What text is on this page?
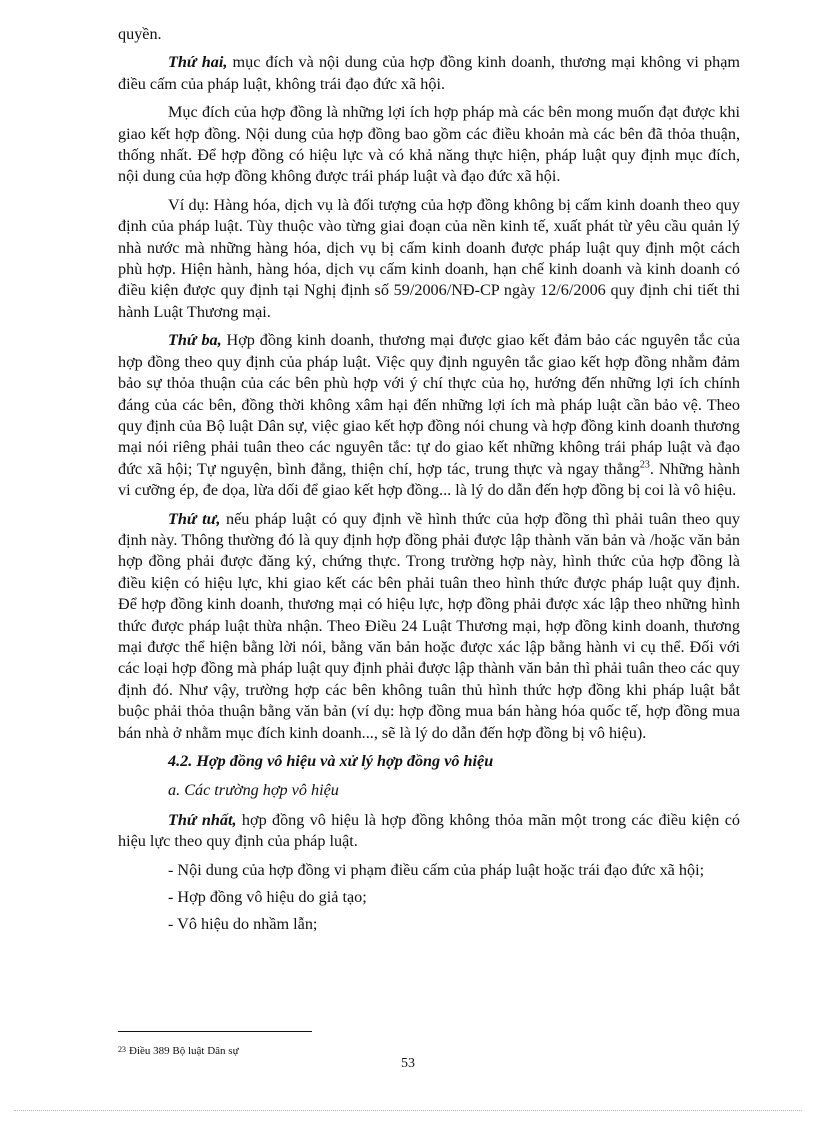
quyền.

Thứ hai, mục đích và nội dung của hợp đồng kinh doanh, thương mại không vi phạm điều cấm của pháp luật, không trái đạo đức xã hội.

Mục đích của hợp đồng là những lợi ích hợp pháp mà các bên mong muốn đạt được khi giao kết hợp đồng. Nội dung của hợp đồng bao gồm các điều khoản mà các bên đã thỏa thuận, thống nhất. Để hợp đồng có hiệu lực và có khả năng thực hiện, pháp luật quy định mục đích, nội dung của hợp đồng không được trái pháp luật và đạo đức xã hội.

Ví dụ: Hàng hóa, dịch vụ là đối tượng của hợp đồng không bị cấm kinh doanh theo quy định của pháp luật. Tùy thuộc vào từng giai đoạn của nền kinh tế, xuất phát từ yêu cầu quản lý nhà nước mà những hàng hóa, dịch vụ bị cấm kinh doanh được pháp luật quy định một cách phù hợp. Hiện hành, hàng hóa, dịch vụ cấm kinh doanh, hạn chế kinh doanh và kinh doanh có điều kiện được quy định tại Nghị định số 59/2006/NĐ-CP ngày 12/6/2006 quy định chi tiết thi hành Luật Thương mại.

Thứ ba, Hợp đồng kinh doanh, thương mại được giao kết đảm bảo các nguyên tắc của hợp đồng theo quy định của pháp luật. Việc quy định nguyên tắc giao kết hợp đồng nhằm đảm bảo sự thỏa thuận của các bên phù hợp với ý chí thực của họ, hướng đến những lợi ích chính đáng của các bên, đồng thời không xâm hại đến những lợi ích mà pháp luật cần bảo vệ. Theo quy định của Bộ luật Dân sự, việc giao kết hợp đồng nói chung và hợp đồng kinh doanh thương mại nói riêng phải tuân theo các nguyên tắc: tự do giao kết những không trái pháp luật và đạo đức xã hội; Tự nguyện, bình đẳng, thiện chí, hợp tác, trung thực và ngay thẳng$^{23}$. Những hành vi cưỡng ép, đe dọa, lừa dối để giao kết hợp đồng... là lý do dẫn đến hợp đồng bị coi là vô hiệu.

Thứ tư, nếu pháp luật có quy định về hình thức của hợp đồng thì phải tuân theo quy định này. Thông thường đó là quy định hợp đồng phải được lập thành văn bản và /hoặc văn bản hợp đồng phải được đăng ký, chứng thực. Trong trường hợp này, hình thức của hợp đồng là điều kiện có hiệu lực, khi giao kết các bên phải tuân theo hình thức được pháp luật quy định. Để hợp đồng kinh doanh, thương mại có hiệu lực, hợp đồng phải được xác lập theo những hình thức được pháp luật thừa nhận. Theo Điều 24 Luật Thương mại, hợp đồng kinh doanh, thương mại được thể hiện bằng lời nói, bằng văn bản hoặc được xác lập bằng hành vi cụ thể. Đối với các loại hợp đồng mà pháp luật quy định phải được lập thành văn bản thì phải tuân theo các quy định đó. Như vậy, trường hợp các bên không tuân thủ hình thức hợp đồng khi pháp luật bắt buộc phải thỏa thuận bằng văn bản (ví dụ: hợp đồng mua bán hàng hóa quốc tế, hợp đồng mua bán nhà ở nhằm mục đích kinh doanh..., sẽ là lý do dẫn đến hợp đồng bị vô hiệu).

4.2. Hợp đồng vô hiệu và xử lý hợp đồng vô hiệu
a. Các trường hợp vô hiệu

Thứ nhất, hợp đồng vô hiệu là hợp đồng không thỏa mãn một trong các điều kiện có hiệu lực theo quy định của pháp luật.

- Nội dung của hợp đồng vi phạm điều cấm của pháp luật hoặc trái đạo đức xã hội;
- Hợp đồng vô hiệu do giả tạo;
- Vô hiệu do nhầm lẫn;
23 Điều 389 Bộ luật Dân sự
53
